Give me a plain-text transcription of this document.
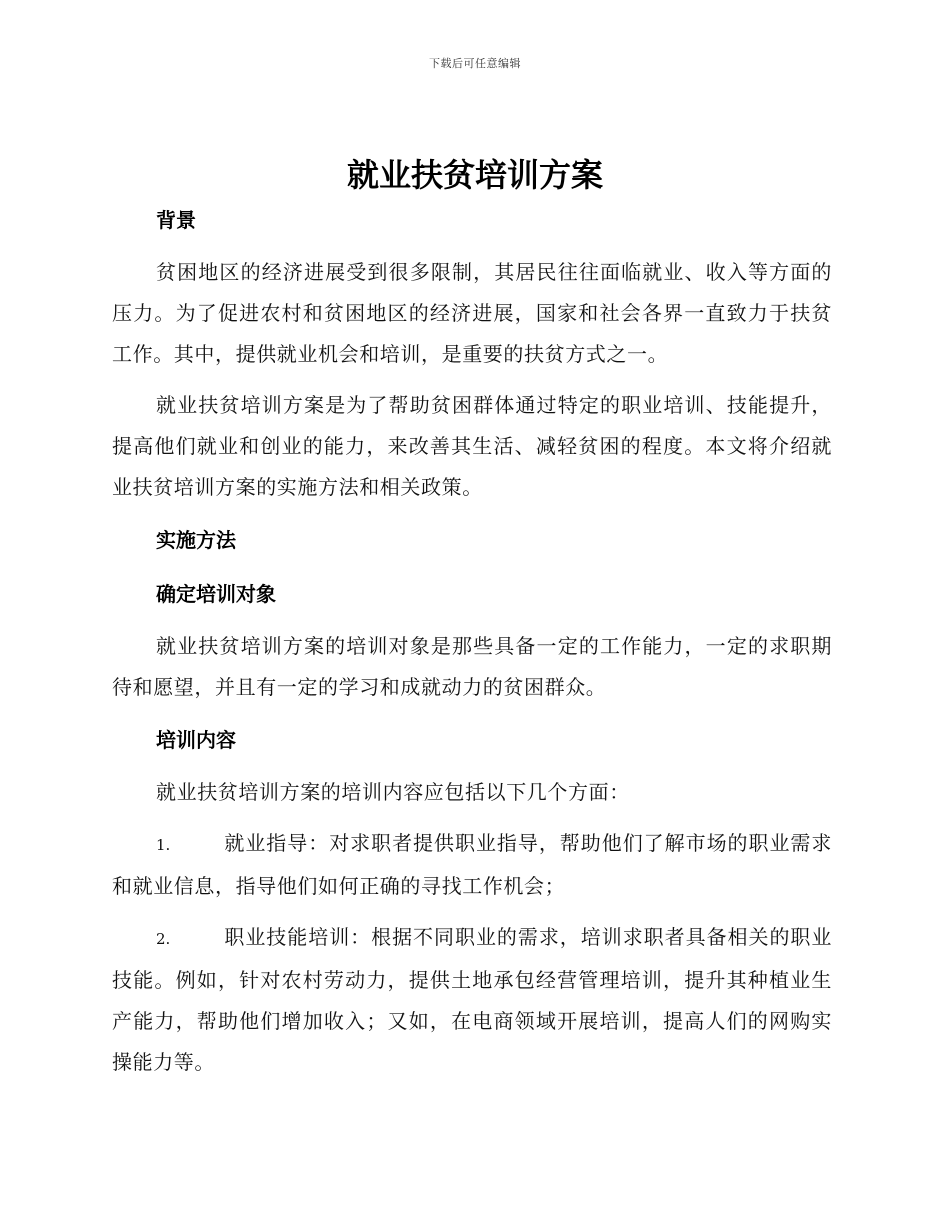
下载后可任意编辑
就业扶贫培训方案
背景

贫困地区的经济进展受到很多限制，其居民往往面临就业、收入等方面的压力。为了促进农村和贫困地区的经济进展，国家和社会各界一直致力于扶贫工作。其中，提供就业机会和培训，是重要的扶贫方式之一。

就业扶贫培训方案是为了帮助贫困群体通过特定的职业培训、技能提升，提高他们就业和创业的能力，来改善其生活、减轻贫困的程度。本文将介绍就业扶贫培训方案的实施方法和相关政策。

实施方法
确定培训对象

就业扶贫培训方案的培训对象是那些具备一定的工作能力，一定的求职期待和愿望，并且有一定的学习和成就动力的贫困群众。

培训内容

就业扶贫培训方案的培训内容应包括以下几个方面：

1.	就业指导：对求职者提供职业指导，帮助他们了解市场的职业需求和就业信息，指导他们如何正确的寻找工作机会；

2.	职业技能培训：根据不同职业的需求，培训求职者具备相关的职业技能。例如，针对农村劳动力，提供土地承包经营管理培训，提升其种植业生产能力，帮助他们增加收入；又如，在电商领域开展培训，提高人们的网购实操能力等。
